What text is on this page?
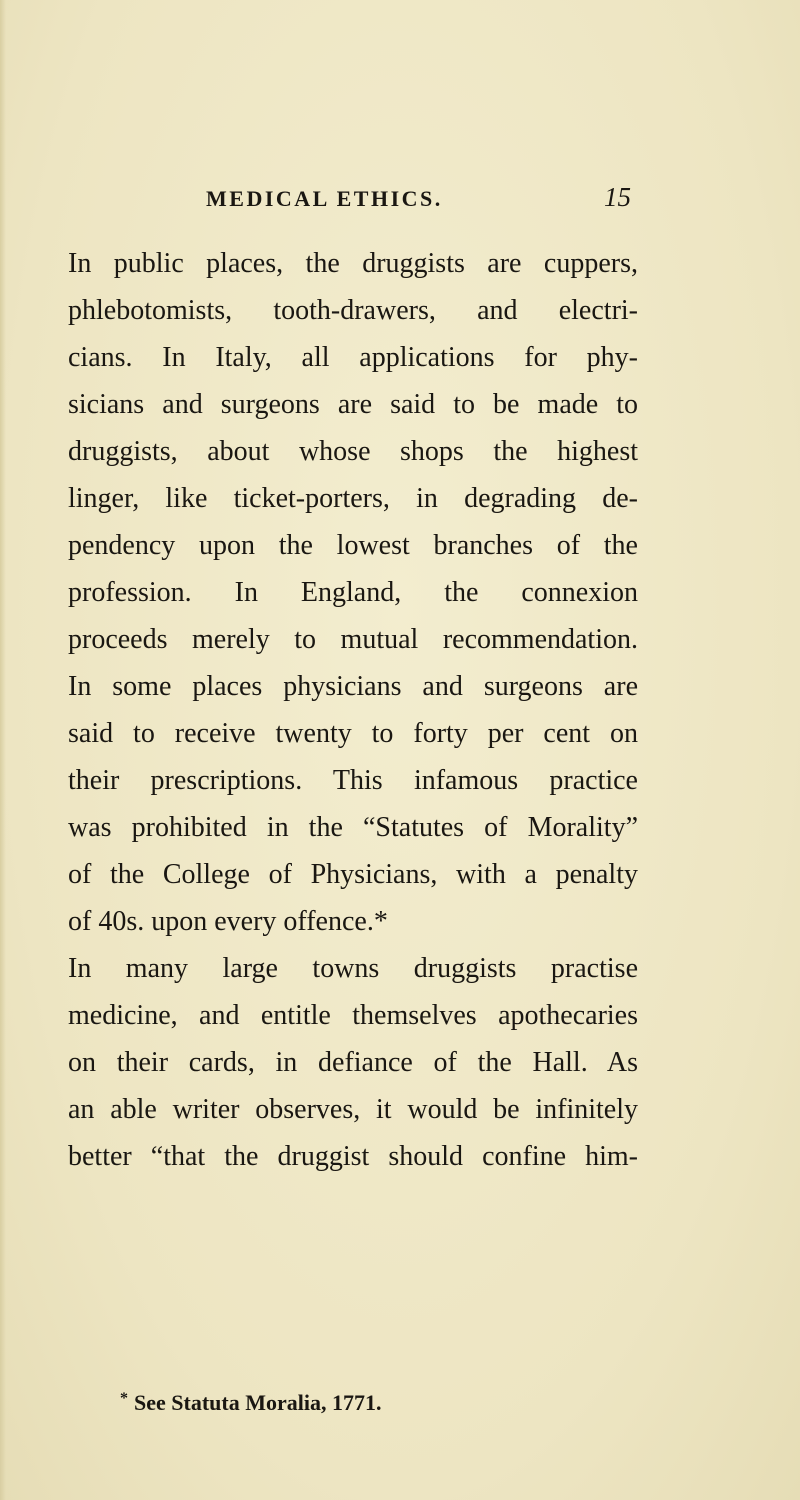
MEDICAL ETHICS.	15
In public places, the druggists are cuppers,
phlebotomists, tooth-drawers, and electri-
cians. In Italy, all applications for phy-
sicians and surgeons are said to be made to
druggists, about whose shops the highest
linger, like ticket-porters, in degrading de-
pendency upon the lowest branches of the
profession. In England, the connexion
proceeds merely to mutual recommendation.
In some places physicians and surgeons are
said to receive twenty to forty per cent on
their prescriptions. This infamous practice
was prohibited in the “Statutes of Morality”
of the College of Physicians, with a penalty
of 40s. upon every offence.*
In many large towns druggists practise
medicine, and entitle themselves apothecaries
on their cards, in defiance of the Hall. As
an able writer observes, it would be infinitely
better “that the druggist should confine him-
* See Statuta Moralia, 1771.
